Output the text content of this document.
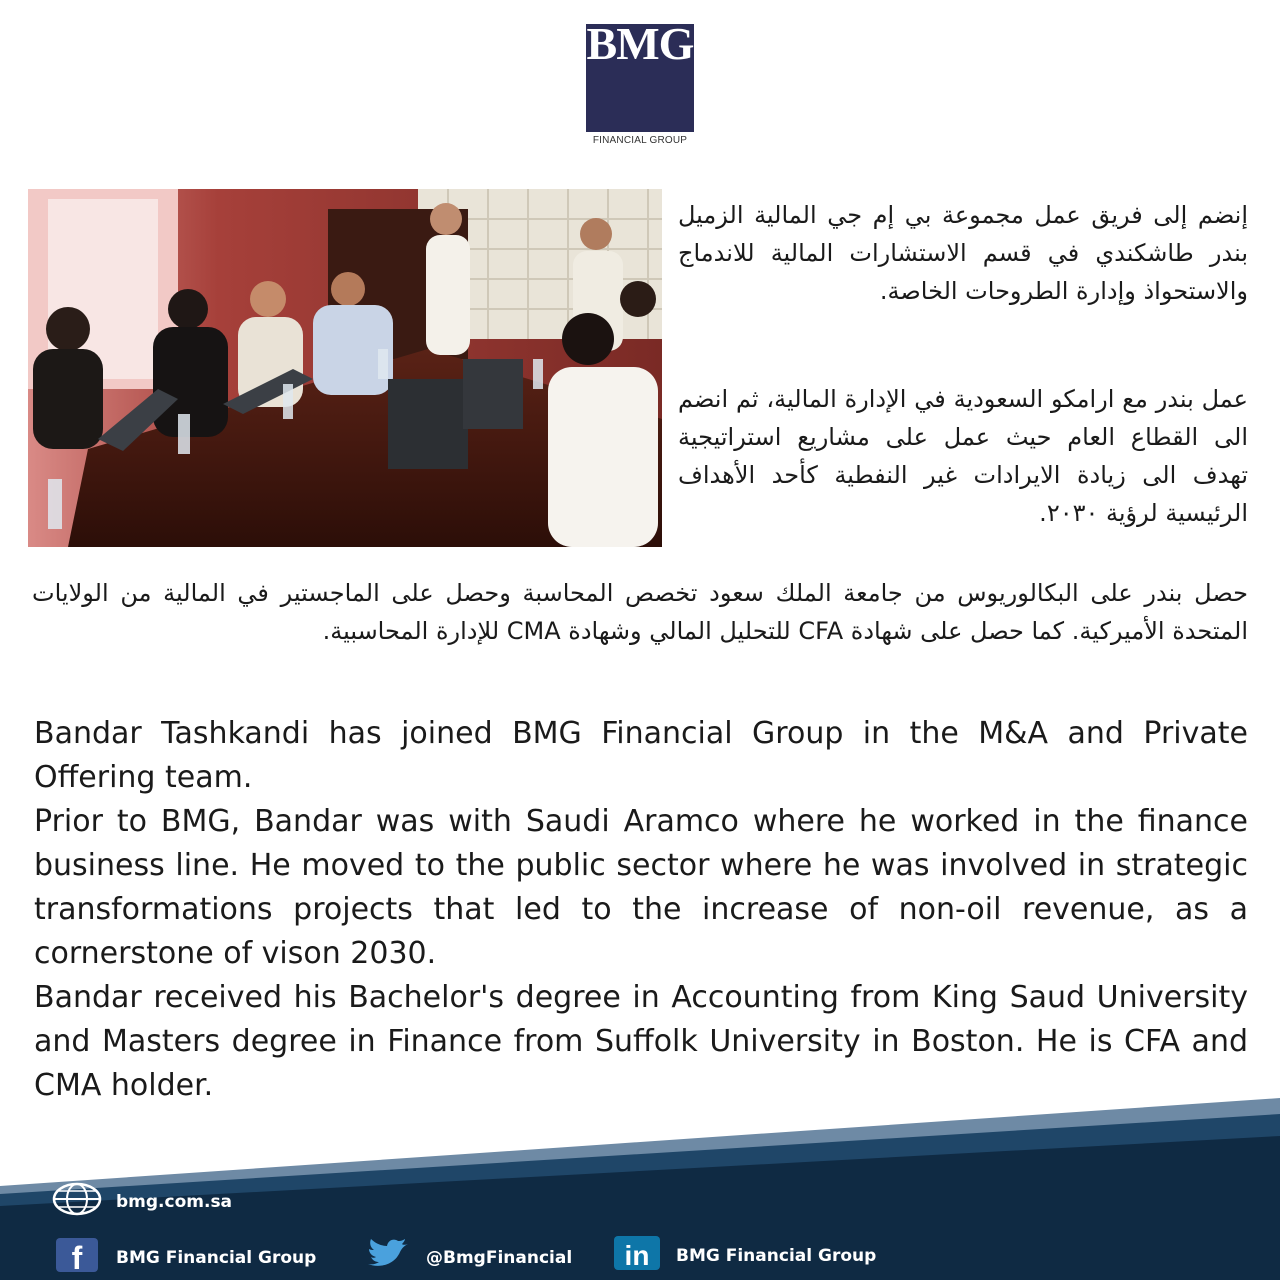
BMG
FINANCIAL GROUP

إنضم إلى فريق عمل مجموعة بي إم جي المالية الزميل بندر طاشكندي في قسم الاستشارات المالية للاندماج والاستحواذ وإدارة الطروحات الخاصة.

عمل بندر مع ارامكو السعودية في الإدارة المالية، ثم انضم الى القطاع العام حيث عمل على مشاريع استراتيجية تهدف الى زيادة الايرادات غير النفطية كأحد الأهداف الرئيسية لرؤية ٢٠٣٠.

حصل بندر على البكالوريوس من جامعة الملك سعود تخصص المحاسبة وحصل على الماجستير في المالية من الولايات المتحدة الأميركية. كما حصل على شهادة CFA للتحليل المالي وشهادة CMA للإدارة المحاسبية.

Bandar Tashkandi has joined BMG Financial Group in the M&A and Private Offering team.

Prior to BMG, Bandar was with Saudi Aramco where he worked in the finance business line. He moved to the public sector where he was involved in strategic transformations projects that led to the increase of non-oil revenue, as a cornerstone of vison 2030.

Bandar received his Bachelor's degree in Accounting from King Saud University and Masters degree in Finance from Suffolk University in Boston. He is CFA and CMA holder.

bmg.com.sa
f BMG Financial Group	@BmgFinancial in BMG Financial Group
